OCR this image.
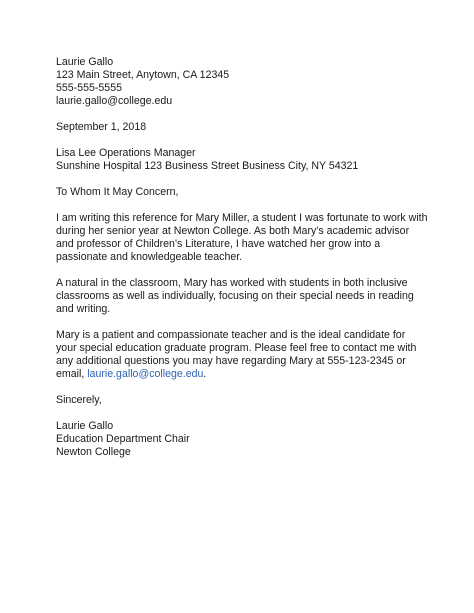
Laurie Gallo
123 Main Street, Anytown, CA 12345
555-555-5555
laurie.gallo@college.edu
September 1, 2018
Lisa Lee Operations Manager
Sunshine Hospital 123 Business Street Business City, NY 54321
To Whom It May Concern,

I am writing this reference for Mary Miller, a student I was fortunate to work with during her senior year at Newton College. As both Mary’s academic advisor and professor of Children's Literature, I have watched her grow into a passionate and knowledgeable teacher.

A natural in the classroom, Mary has worked with students in both inclusive classrooms as well as individually, focusing on their special needs in reading and writing.

Mary is a patient and compassionate teacher and is the ideal candidate for your special education graduate program. Please feel free to contact me with any additional questions you may have regarding Mary at 555-123-2345 or email, laurie.gallo@college.edu.

Sincerely,
Laurie Gallo
Education Department Chair
Newton College
